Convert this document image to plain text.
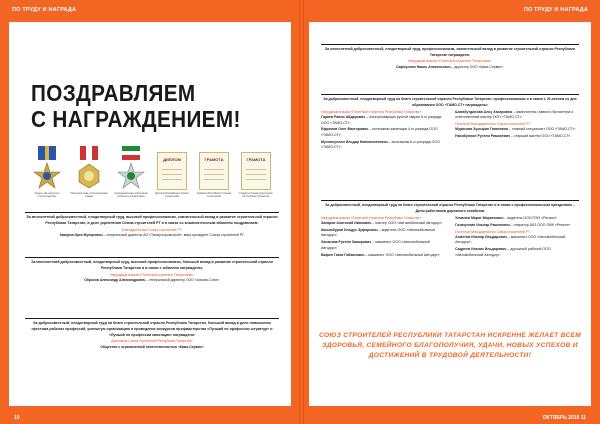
ПО ТРУДУ И НАГРАДА	ПО ТРУДУ И НАГРАДА
10	ОКТЯБРЬ 2019 11
ПОЗДРАВЛЯЕМ
С НАГРАЖДЕНИЕМ!
Орден «За заслуги в строительстве»
Почетный знак «Строительная слава»
Нагрудный знак «Почетный строитель Татарстана»
ДИПЛОМ
Диплом Российского Союза строителей
ГРАМОТА
Грамота Российского Союза строителей
ГРАМОТА
Грамота Союза строителей Республики Татарстан
За многолетний добросовестный, плодотворный труд, высокий профессионализм, значительный вклад в развитие строительной отрасли Республики Татарстан, в деле укрепления Союза строителей РТ и в связи со знаменательным юбилеем поздравляем:
Благодарностью Союза строителей РТ:
Закиров Ирек Мунирович – генеральный директор АО «Татагропромстрой», вице-президент Союза строителей РТ.
За многолетний добросовестный, плодотворный труд, высокий профессионализм, большой вклад в развитие строительной отрасли Республики Татарстан и в связи с юбилеем награждены:
Нагрудным знаком «Почетный строитель Татарстана»:
Обросов Александр Александрович – генеральный директор ООО «Альянс-Сити».
За добросовестный, плодотворный труд на благо строительной отрасли Республики Татарстан, большой вклад в дело повышения престижа рабочих профессий, успешную организацию и проведение конкурсов профмастерства «Лучший по профессии штукатур» и «Лучший по профессии каменщик» награждено:
Дипломом Союза строителей Республики Татарстан:
Общество с ограниченной ответственностью «Камэ-Сервис»
За многолетний добросовестный, плодотворный труд, профессионализм, значительный вклад в развитие строительной отрасли Республики Татарстан награждено:
Нагрудным знаком «Почетный строитель Татарстана»:
Сафиуллин Наиль Анатольевич – директор ООО «Камэ-Сервис».
За добросовестный, плодотворный труд на благо строительной отрасли Республики Татарстан, профессионализм и в связи с 20-летием со дня образования ООО «ТАМО-СТ» награждены:
Нагрудным знаком «Почетный строитель Республики Татарстан»:
Гараев Раиль Айдарович – электросварщик ручной сварки 5-го разряда ООО «ТАМО-СТ»;
Ефремов Олег Викторович – монтажник каменщик 4-го разряда ООО «ТАМО-СТ»;
Мухлисуллин Ильдар Миннахметович – монтажник 6-го разряда ООО «ТАМО-СТ»;
Шигабутдинова Алсу Хасаровна – заместитель главного бухгалтера и ответственный мастер ООО «ТАМО-СТ».
Почетной благодарностью Союза строителей РТ:
Мурасова Зульфия Гаязиевна – главный специалист ООО «ТАМО-СТ»;
Насибуллин Рустем Рамилевич – старший мастер ООО «ТАМО-СТ».
За добросовестный, плодотворный труд на благо строительной отрасли Республики Татарстан и в связи с профессиональным праздником – Днем работников дорожного хозяйства
Нагрудным знаком «Почетный строитель Республики Татарстан»:
Захаров Анатолий Иванович – мастер ООО «Автомобильный Автодор»;
Касымбуров Ильдус Зуфарович – водитель ООО «Автомобильный Автодор»;
Хасанова Рустем Замирович – машинист ООО «Автомобильный Автодор»;
Вафин Газиз Гайзасович – машинист ООО «Автомобильный Автодор»;
Усманов Марат Мирзатович – водитель ООО ПЭО «Регион»;
Газизуллин Ильнар Рашитович – оператор АБЗ ООО ПМК «Регион».
Почетной благодарностью Союза строителей РТ:
Ахметов Ильнар Ильдарович – машинист ООО «Автомобильный Автодор»;
Садреев Ильназ Ильдарович – дорожный рабочий ООО «Автомобильный Автодор».
СОЮЗ СТРОИТЕЛЕЙ РЕСПУБЛИКИ ТАТАРСТАН ИСКРЕННЕ ЖЕЛАЕТ ВСЕМ ЗДОРОВЬЯ, СЕМЕЙНОГО БЛАГОПОЛУЧИЯ, УДАЧИ, НОВЫХ УСПЕХОВ И ДОСТИЖЕНИЙ В ТРУДОВОЙ ДЕЯТЕЛЬНОСТИ!
